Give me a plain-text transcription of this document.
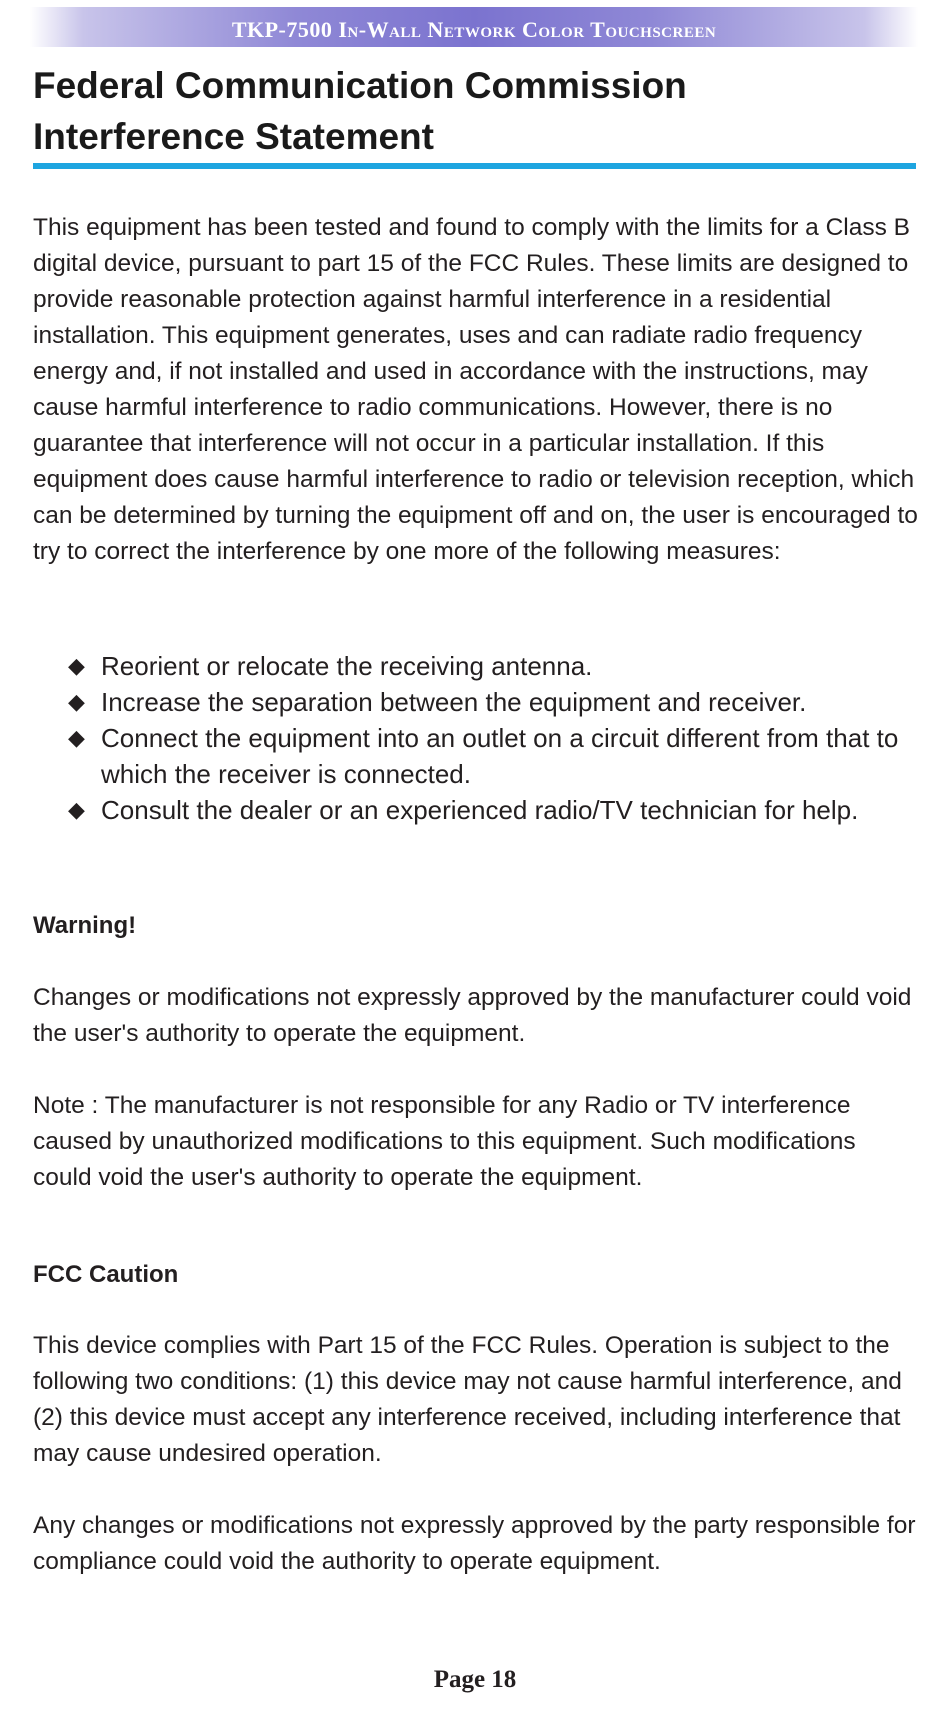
TKP-7500 In-Wall Network Color Touchscreen
Federal Communication Commission
Interference Statement

This equipment has been tested and found to comply with the limits for a Class B digital device, pursuant to part 15 of the FCC Rules. These limits are designed to provide reasonable protection against harmful interference in a residential installation. This equipment generates, uses and can radiate radio frequency energy and, if not installed and used in accordance with the instructions, may cause harmful interference to radio communications. However, there is no guarantee that interference will not occur in a particular installation. If this equipment does cause harmful interference to radio or television reception, which can be determined by turning the equipment off and on, the user is encouraged to try to correct the interference by one more of the following measures:

◆ Reorient or relocate the receiving antenna.
◆ Increase the separation between the equipment and receiver.
◆ Connect the equipment into an outlet on a circuit different from that to which the receiver is connected.
◆ Consult the dealer or an experienced radio/TV technician for help.
Warning!

Changes or modifications not expressly approved by the manufacturer could void the user's authority to operate the equipment.

Note : The manufacturer is not responsible for any Radio or TV interference caused by unauthorized modifications to this equipment. Such modifications could void the user's authority to operate the equipment.

FCC Caution

This device complies with Part 15 of the FCC Rules. Operation is subject to the following two conditions: (1) this device may not cause harmful interference, and (2) this device must accept any interference received, including interference that may cause undesired operation.

Any changes or modifications not expressly approved by the party responsible for compliance could void the authority to operate equipment.

Page 18
